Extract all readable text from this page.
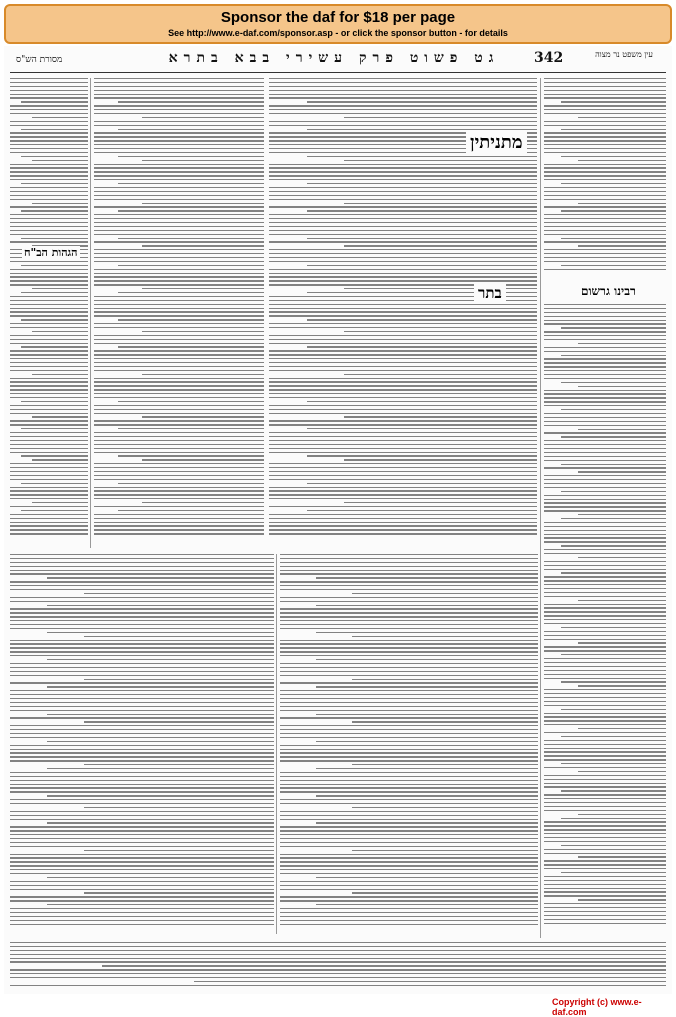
Sponsor the daf for $18 per page
See http://www.e-daf.com/sponsor.asp - or click the sponsor button - for details
מסורת הש"ס	גט פשוט פרק עשירי בבא בתרא	342	עין משפט נר מצוה
הגהות הב"ח
מתניתין
בתר	רבינו גרשום
Copyright (c) www.e-daf.com
